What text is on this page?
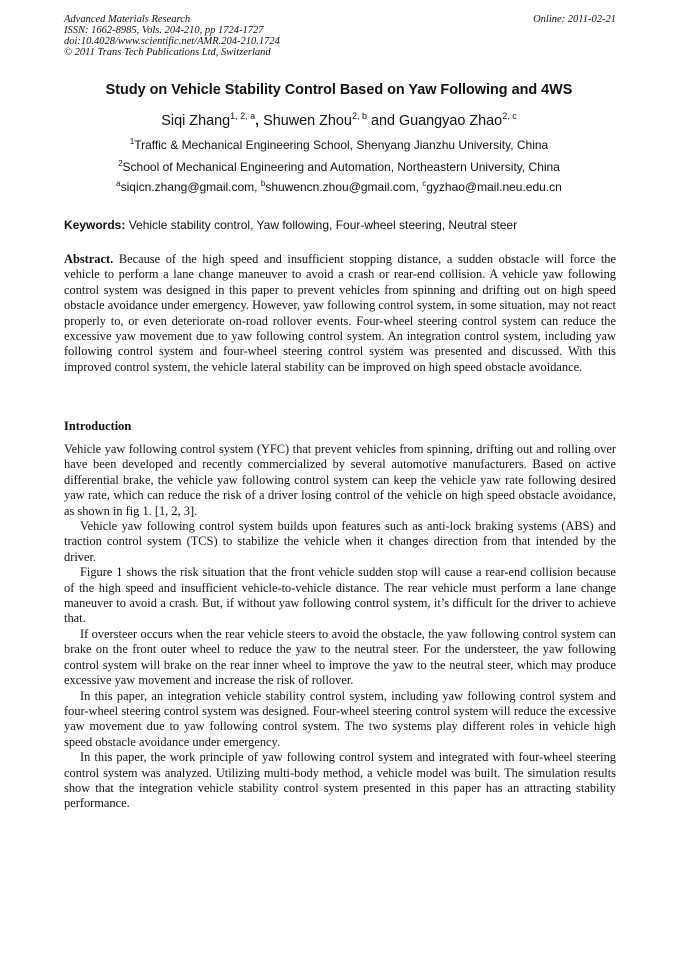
Advanced Materials Research	Online: 2011-02-21
ISSN: 1662-8985, Vols. 204-210, pp 1724-1727
doi:10.4028/www.scientific.net/AMR.204-210.1724
© 2011 Trans Tech Publications Ltd, Switzerland
Study on Vehicle Stability Control Based on Yaw Following and 4WS
Siqi Zhang$^{1, 2, a}$, Shuwen Zhou$^{2, b}$ and Guangyao Zhao$^{2, c}$
$^1$Traffic & Mechanical Engineering School, Shenyang Jianzhu University, China
$^2$School of Mechanical Engineering and Automation, Northeastern University, China
$^a$siqicn.zhang@gmail.com, $^b$shuwencn.zhou@gmail.com, $^c$gyzhao@mail.neu.edu.cn
Keywords: Vehicle stability control, Yaw following, Four-wheel steering, Neutral steer
Abstract. Because of the high speed and insufficient stopping distance, a sudden obstacle will force the vehicle to perform a lane change maneuver to avoid a crash or rear-end collision. A vehicle yaw following control system was designed in this paper to prevent vehicles from spinning and drifting out on high speed obstacle avoidance under emergency. However, yaw following control system, in some situation, may not react properly to, or even deteriorate on-road rollover events. Four-wheel steering control system can reduce the excessive yaw movement due to yaw following control system. An integration control system, including yaw following control system and four-wheel steering control system was presented and discussed. With this improved control system, the vehicle lateral stability can be improved on high speed obstacle avoidance.
Introduction

Vehicle yaw following control system (YFC) that prevent vehicles from spinning, drifting out and rolling over have been developed and recently commercialized by several automotive manufacturers. Based on active differential brake, the vehicle yaw following control system can keep the vehicle yaw rate following desired yaw rate, which can reduce the risk of a driver losing control of the vehicle on high speed obstacle avoidance, as shown in fig 1. [1, 2, 3].

Vehicle yaw following control system builds upon features such as anti-lock braking systems (ABS) and traction control system (TCS) to stabilize the vehicle when it changes direction from that intended by the driver.

Figure 1 shows the risk situation that the front vehicle sudden stop will cause a rear-end collision because of the high speed and insufficient vehicle-to-vehicle distance. The rear vehicle must perform a lane change maneuver to avoid a crash. But, if without yaw following control system, it’s difficult for the driver to achieve that.

If oversteer occurs when the rear vehicle steers to avoid the obstacle, the yaw following control system can brake on the front outer wheel to reduce the yaw to the neutral steer. For the understeer, the yaw following control system will brake on the rear inner wheel to improve the yaw to the neutral steer, which may produce excessive yaw movement and increase the risk of rollover.

In this paper, an integration vehicle stability control system, including yaw following control system and four-wheel steering control system was designed. Four-wheel steering control system will reduce the excessive yaw movement due to yaw following control system. The two systems play different roles in vehicle high speed obstacle avoidance under emergency.

In this paper, the work principle of yaw following control system and integrated with four-wheel steering control system was analyzed. Utilizing multi-body method, a vehicle model was built. The simulation results show that the integration vehicle stability control system presented in this paper has an attracting stability performance.
